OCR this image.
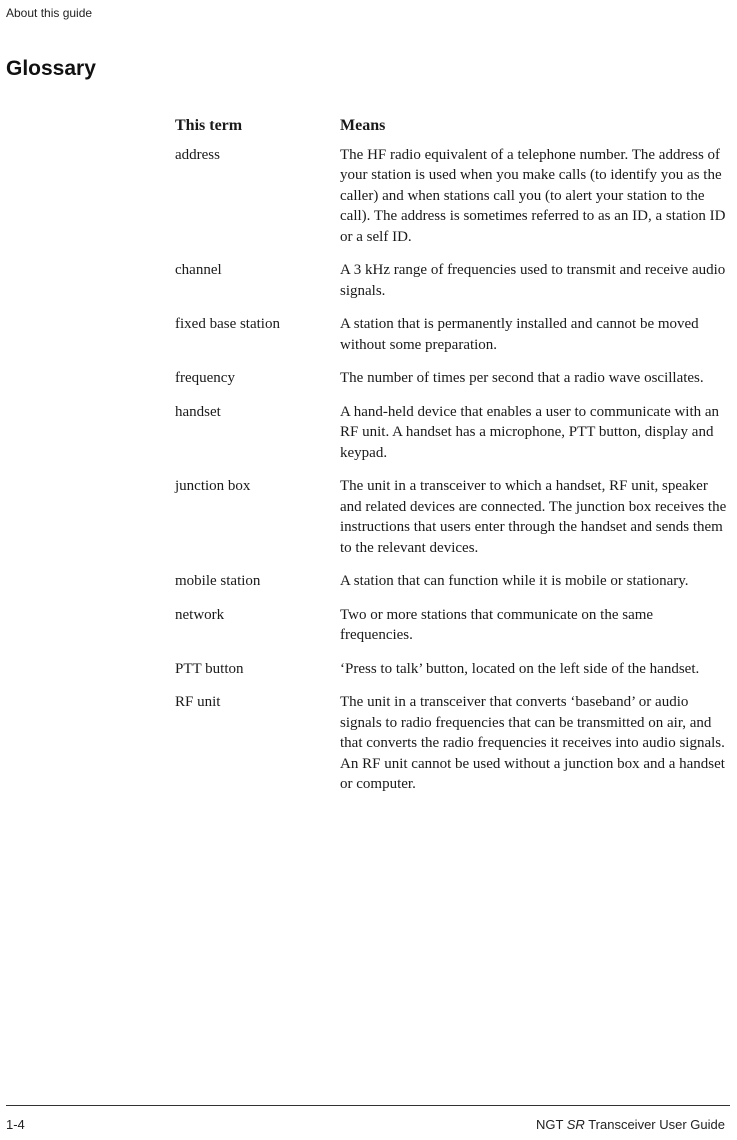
About this guide
Glossary
This term	Means
address	The HF radio equivalent of a telephone number. The address of your station is used when you make calls (to identify you as the caller) and when stations call you (to alert your station to the call). The address is sometimes referred to as an ID, a station ID or a self ID.
channel	A 3 kHz range of frequencies used to transmit and receive audio signals.
fixed base station	A station that is permanently installed and cannot be moved without some preparation.
frequency	The number of times per second that a radio wave oscillates.
handset	A hand-held device that enables a user to communicate with an RF unit. A handset has a microphone, PTT button, display and keypad.
junction box	The unit in a transceiver to which a handset, RF unit, speaker and related devices are connected. The junction box receives the instructions that users enter through the handset and sends them to the relevant devices.
mobile station	A station that can function while it is mobile or stationary.
network	Two or more stations that communicate on the same frequencies.
PTT button	‘Press to talk’ button, located on the left side of the handset.
RF unit	The unit in a transceiver that converts ‘baseband’ or audio signals to radio frequencies that can be transmitted on air, and that converts the radio frequencies it receives into audio signals. An RF unit cannot be used without a junction box and a handset or computer.
1-4	NGT SR Transceiver User Guide
